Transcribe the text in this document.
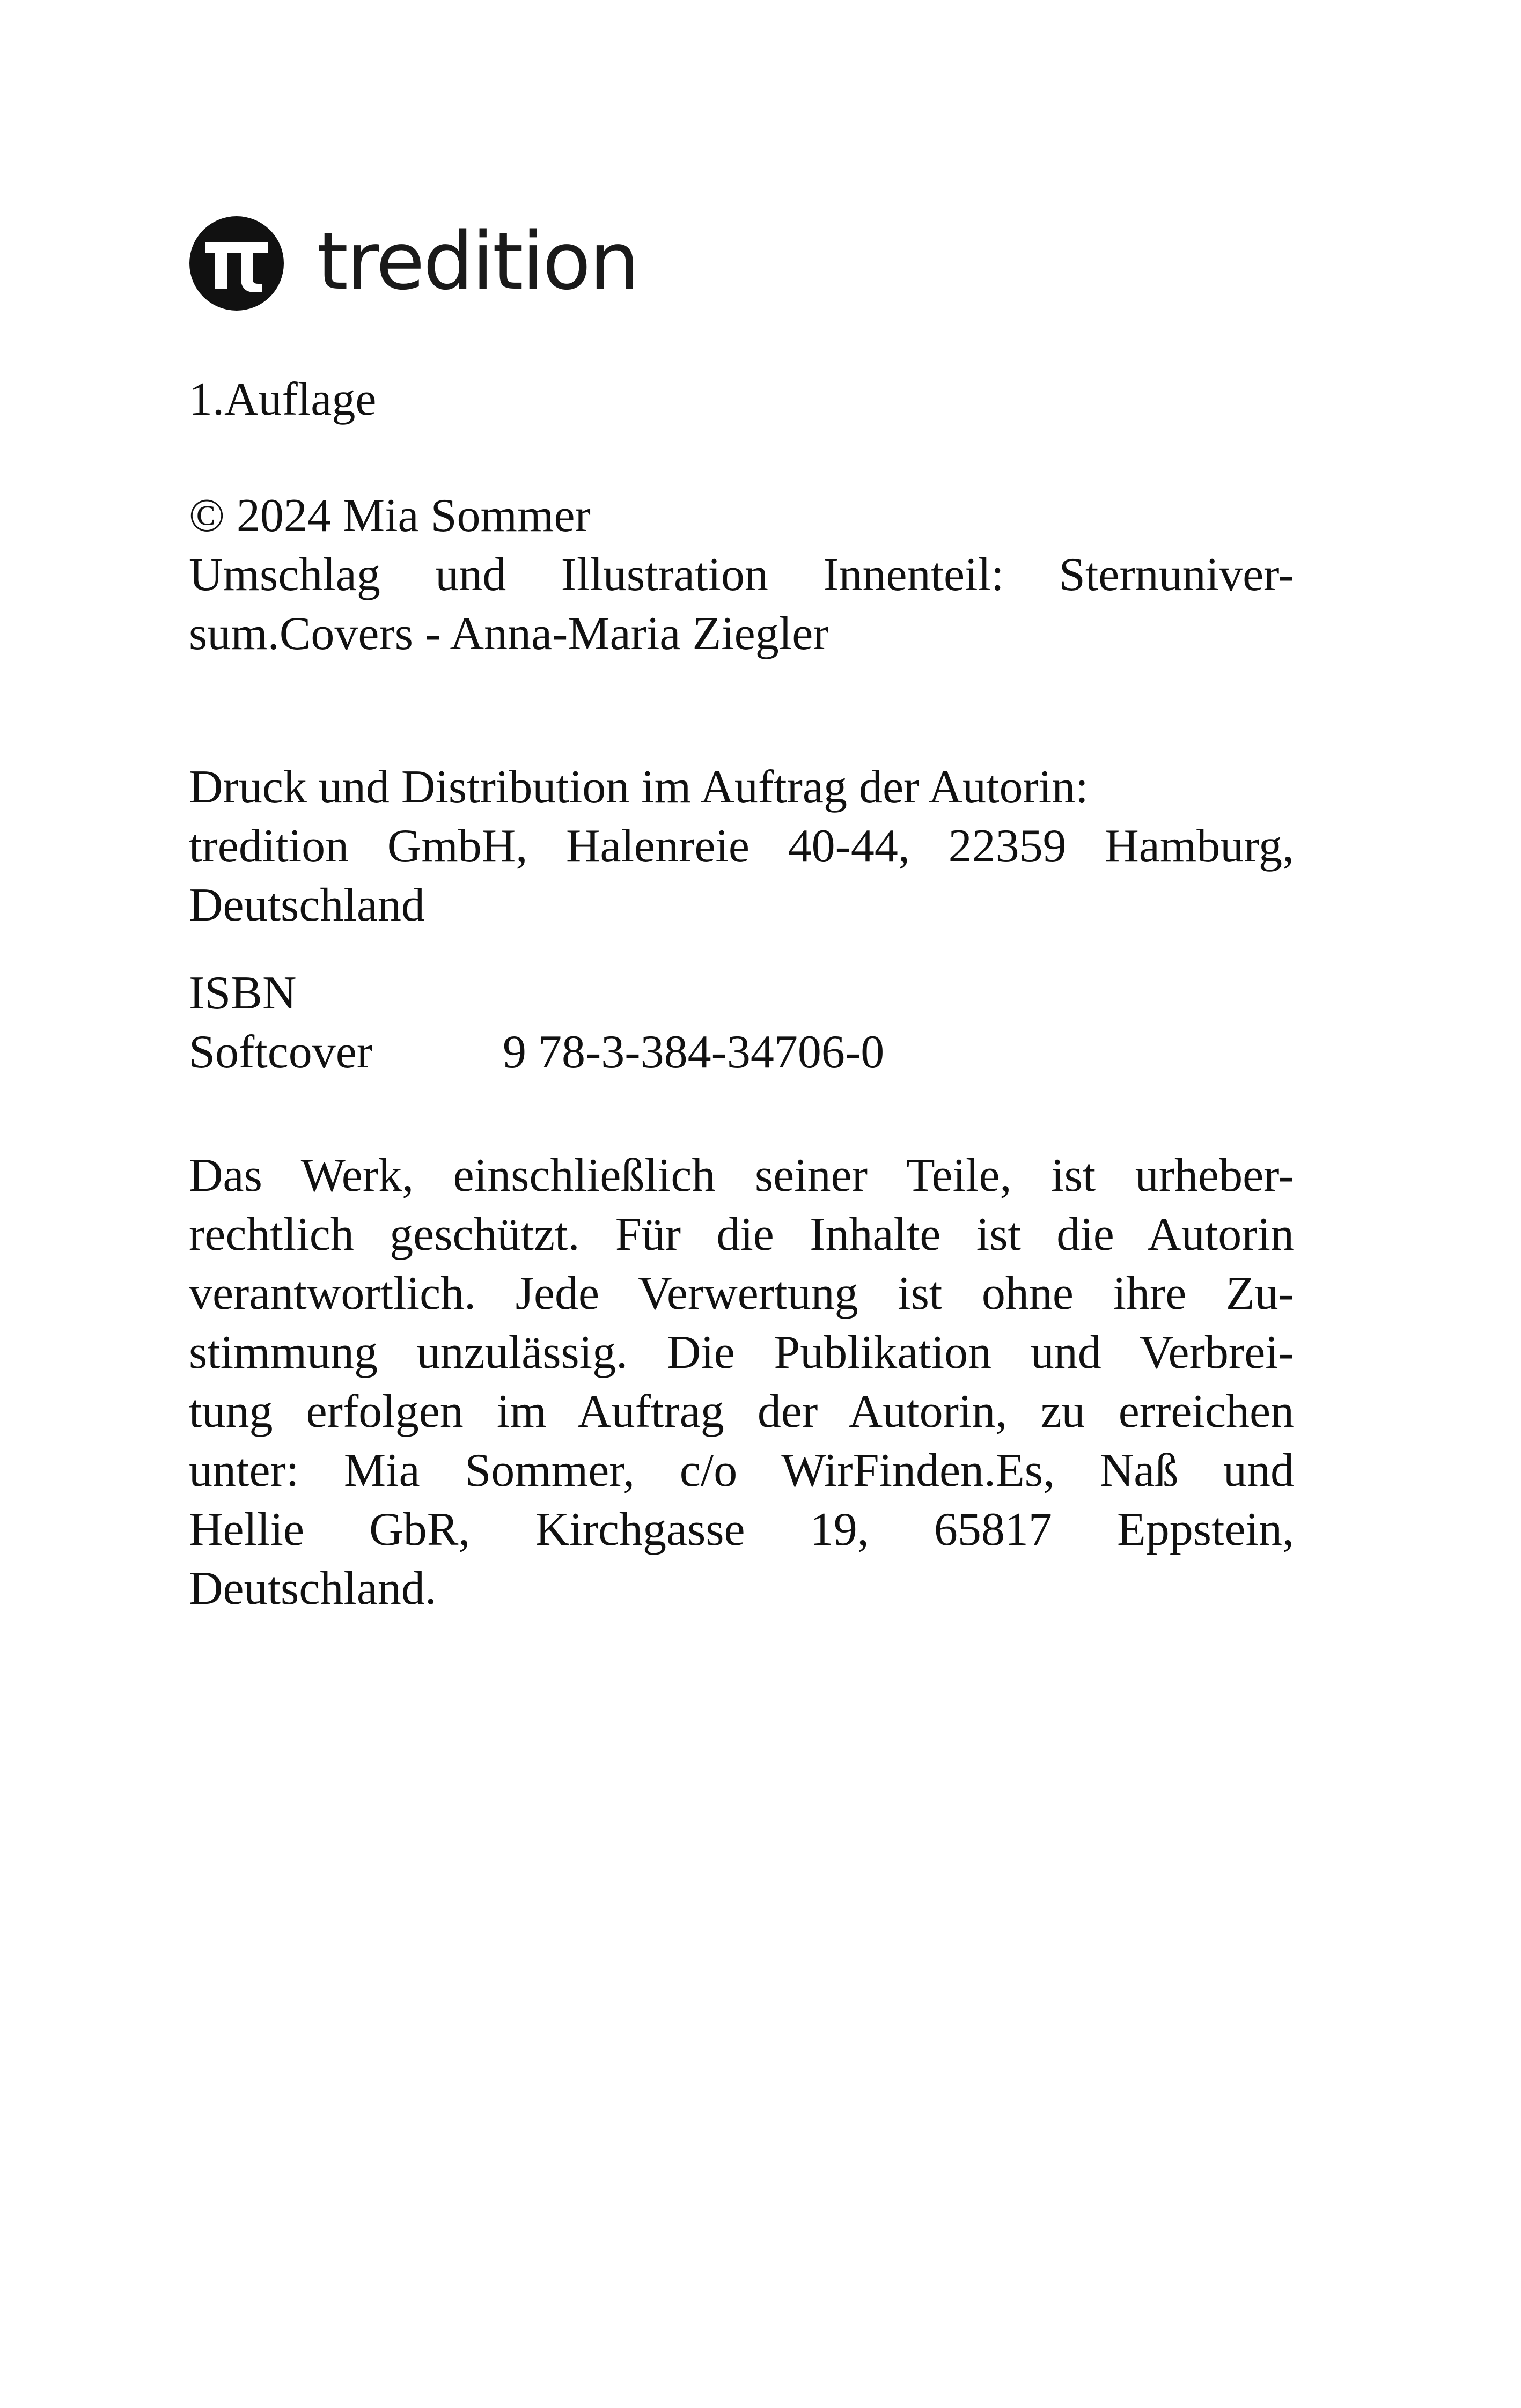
tredition

1.Auflage

© 2024 Mia Sommer
Umschlag und Illustration Innenteil: Sternuniver-
sum.Covers - Anna-Maria Ziegler
Druck und Distribution im Auftrag der Autorin:
tredition GmbH, Halenreie 40-44, 22359 Hamburg,
Deutschland
ISBN
Softcover	9 78-3-384-34706-0
Das Werk, einschließlich seiner Teile, ist urheber-
rechtlich geschützt. Für die Inhalte ist die Autorin
verantwortlich. Jede Verwertung ist ohne ihre Zu-
stimmung unzulässig. Die Publikation und Verbrei-
tung erfolgen im Auftrag der Autorin, zu erreichen
unter: Mia Sommer, c/o WirFinden.Es, Naß und
Hellie GbR, Kirchgasse 19, 65817 Eppstein,
Deutschland.
